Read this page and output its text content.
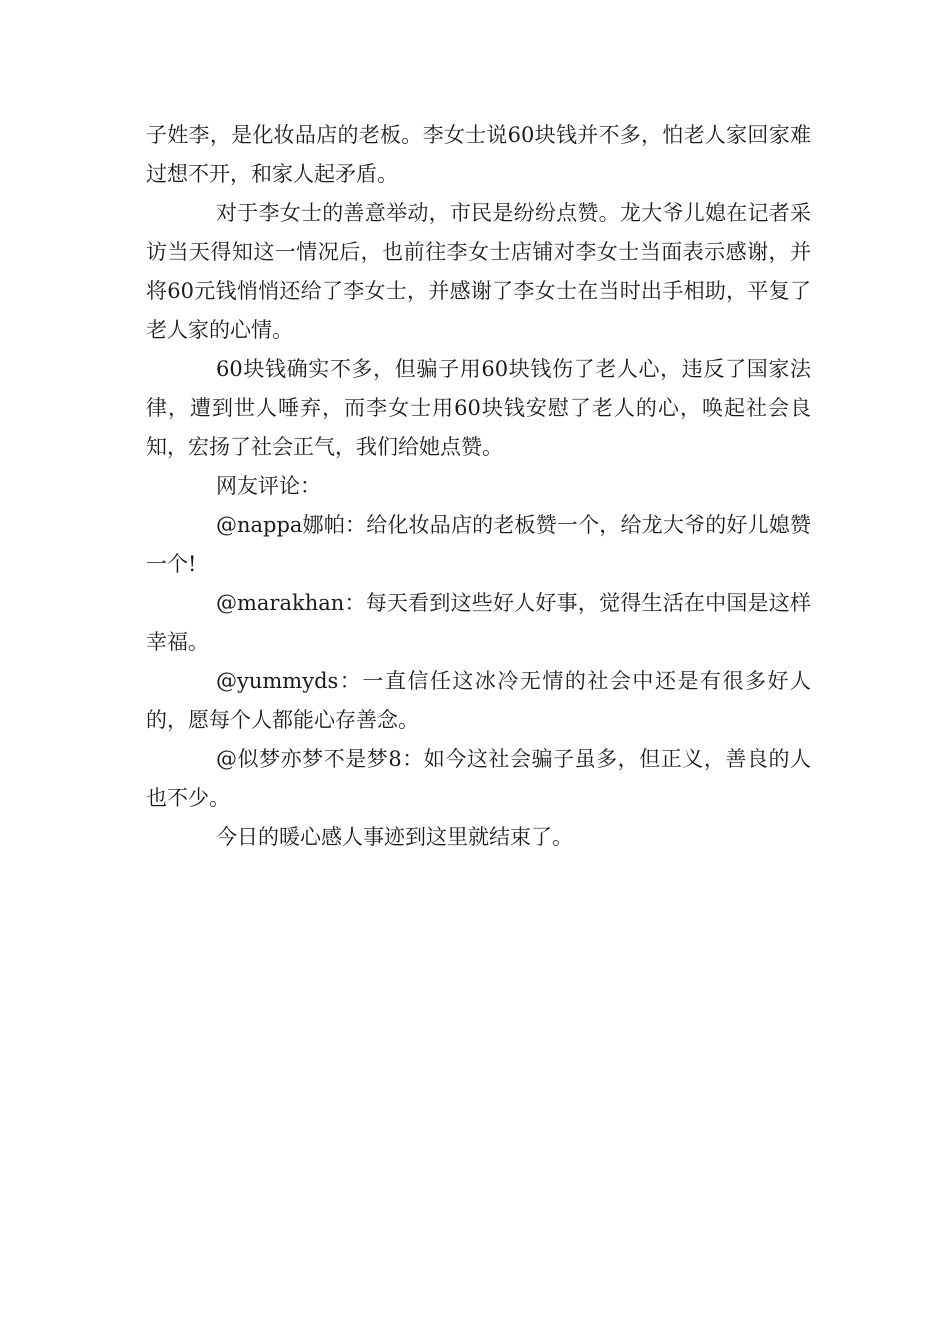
子姓李，是化妆品店的老板。李女士说60块钱并不多，怕老人家回家难过想不开，和家人起矛盾。

对于李女士的善意举动，市民是纷纷点赞。龙大爷儿媳在记者采访当天得知这一情况后，也前往李女士店铺对李女士当面表示感谢，并将60元钱悄悄还给了李女士，并感谢了李女士在当时出手相助，平复了老人家的心情。

60块钱确实不多，但骗子用60块钱伤了老人心，违反了国家法律，遭到世人唾弃，而李女士用60块钱安慰了老人的心，唤起社会良知，宏扬了社会正气，我们给她点赞。

网友评论：

@nappa娜帕：给化妆品店的老板赞一个，给龙大爷的好儿媳赞一个!

@marakhan：每天看到这些好人好事，觉得生活在中国是这样幸福。

@yummyds：一直信任这冰冷无情的社会中还是有很多好人的，愿每个人都能心存善念。

@似梦亦梦不是梦8：如今这社会骗子虽多，但正义，善良的人也不少。

今日的暖心感人事迹到这里就结束了。
